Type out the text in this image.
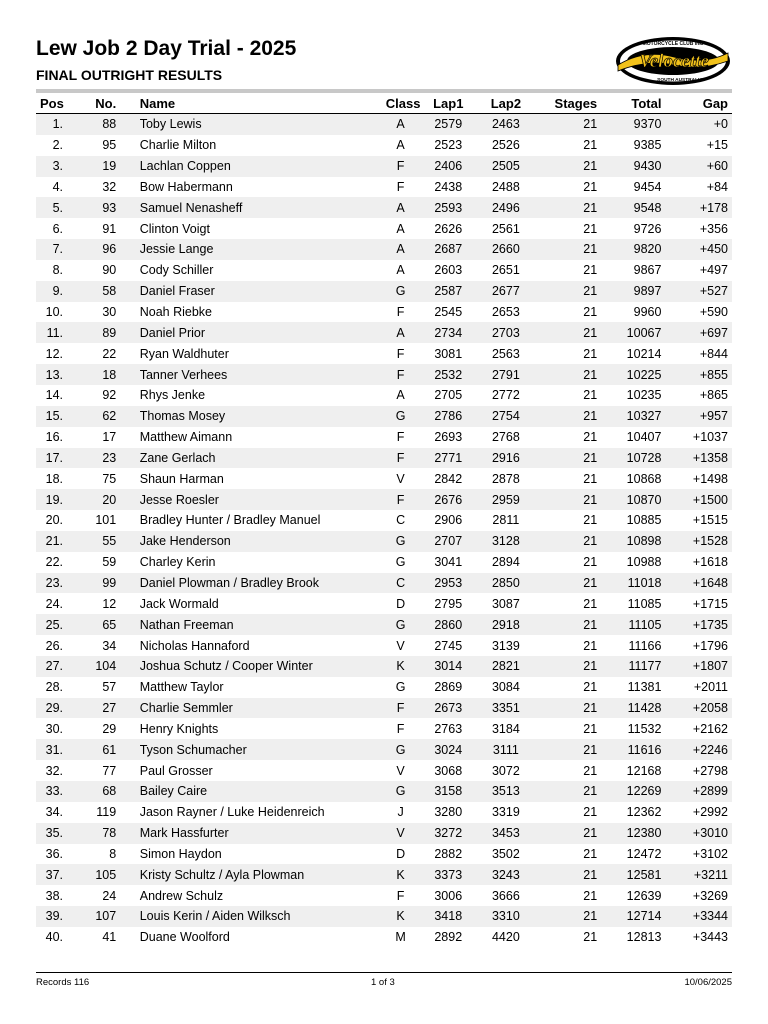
Lew Job 2 Day Trial - 2025
FINAL OUTRIGHT RESULTS
MOTORCYCLE CLUB INC
Velocette
SOUTH AUSTRALIA
Pos	No.		Name	Class	Lap1	Lap2	Stages	Total	Gap
1.	88		Toby Lewis	A	2579	2463	21	9370	+0
2.	95		Charlie Milton	A	2523	2526	21	9385	+15
3.	19		Lachlan Coppen	F	2406	2505	21	9430	+60
4.	32		Bow Habermann	F	2438	2488	21	9454	+84
5.	93		Samuel Nenasheff	A	2593	2496	21	9548	+178
6.	91		Clinton Voigt	A	2626	2561	21	9726	+356
7.	96		Jessie Lange	A	2687	2660	21	9820	+450
8.	90		Cody Schiller	A	2603	2651	21	9867	+497
9.	58		Daniel Fraser	G	2587	2677	21	9897	+527
10.	30		Noah Riebke	F	2545	2653	21	9960	+590
11.	89		Daniel Prior	A	2734	2703	21	10067	+697
12.	22		Ryan Waldhuter	F	3081	2563	21	10214	+844
13.	18		Tanner Verhees	F	2532	2791	21	10225	+855
14.	92		Rhys Jenke	A	2705	2772	21	10235	+865
15.	62		Thomas Mosey	G	2786	2754	21	10327	+957
16.	17		Matthew Aimann	F	2693	2768	21	10407	+1037
17.	23		Zane Gerlach	F	2771	2916	21	10728	+1358
18.	75		Shaun Harman	V	2842	2878	21	10868	+1498
19.	20		Jesse Roesler	F	2676	2959	21	10870	+1500
20.	101		Bradley Hunter / Bradley Manuel	C	2906	2811	21	10885	+1515
21.	55		Jake Henderson	G	2707	3128	21	10898	+1528
22.	59		Charley Kerin	G	3041	2894	21	10988	+1618
23.	99		Daniel Plowman / Bradley Brook	C	2953	2850	21	11018	+1648
24.	12		Jack Wormald	D	2795	3087	21	11085	+1715
25.	65		Nathan Freeman	G	2860	2918	21	11105	+1735
26.	34		Nicholas Hannaford	V	2745	3139	21	11166	+1796
27.	104		Joshua Schutz / Cooper Winter	K	3014	2821	21	11177	+1807
28.	57		Matthew Taylor	G	2869	3084	21	11381	+2011
29.	27		Charlie Semmler	F	2673	3351	21	11428	+2058
30.	29		Henry Knights	F	2763	3184	21	11532	+2162
31.	61		Tyson Schumacher	G	3024	3111	21	11616	+2246
32.	77		Paul Grosser	V	3068	3072	21	12168	+2798
33.	68		Bailey Caire	G	3158	3513	21	12269	+2899
34.	119		Jason Rayner / Luke Heidenreich	J	3280	3319	21	12362	+2992
35.	78		Mark Hassfurter	V	3272	3453	21	12380	+3010
36.	8		Simon Haydon	D	2882	3502	21	12472	+3102
37.	105		Kristy Schultz / Ayla Plowman	K	3373	3243	21	12581	+3211
38.	24		Andrew Schulz	F	3006	3666	21	12639	+3269
39.	107		Louis Kerin / Aiden Wilksch	K	3418	3310	21	12714	+3344
40.	41		Duane Woolford	M	2892	4420	21	12813	+3443
Records 116	1 of 3	10/06/2025
